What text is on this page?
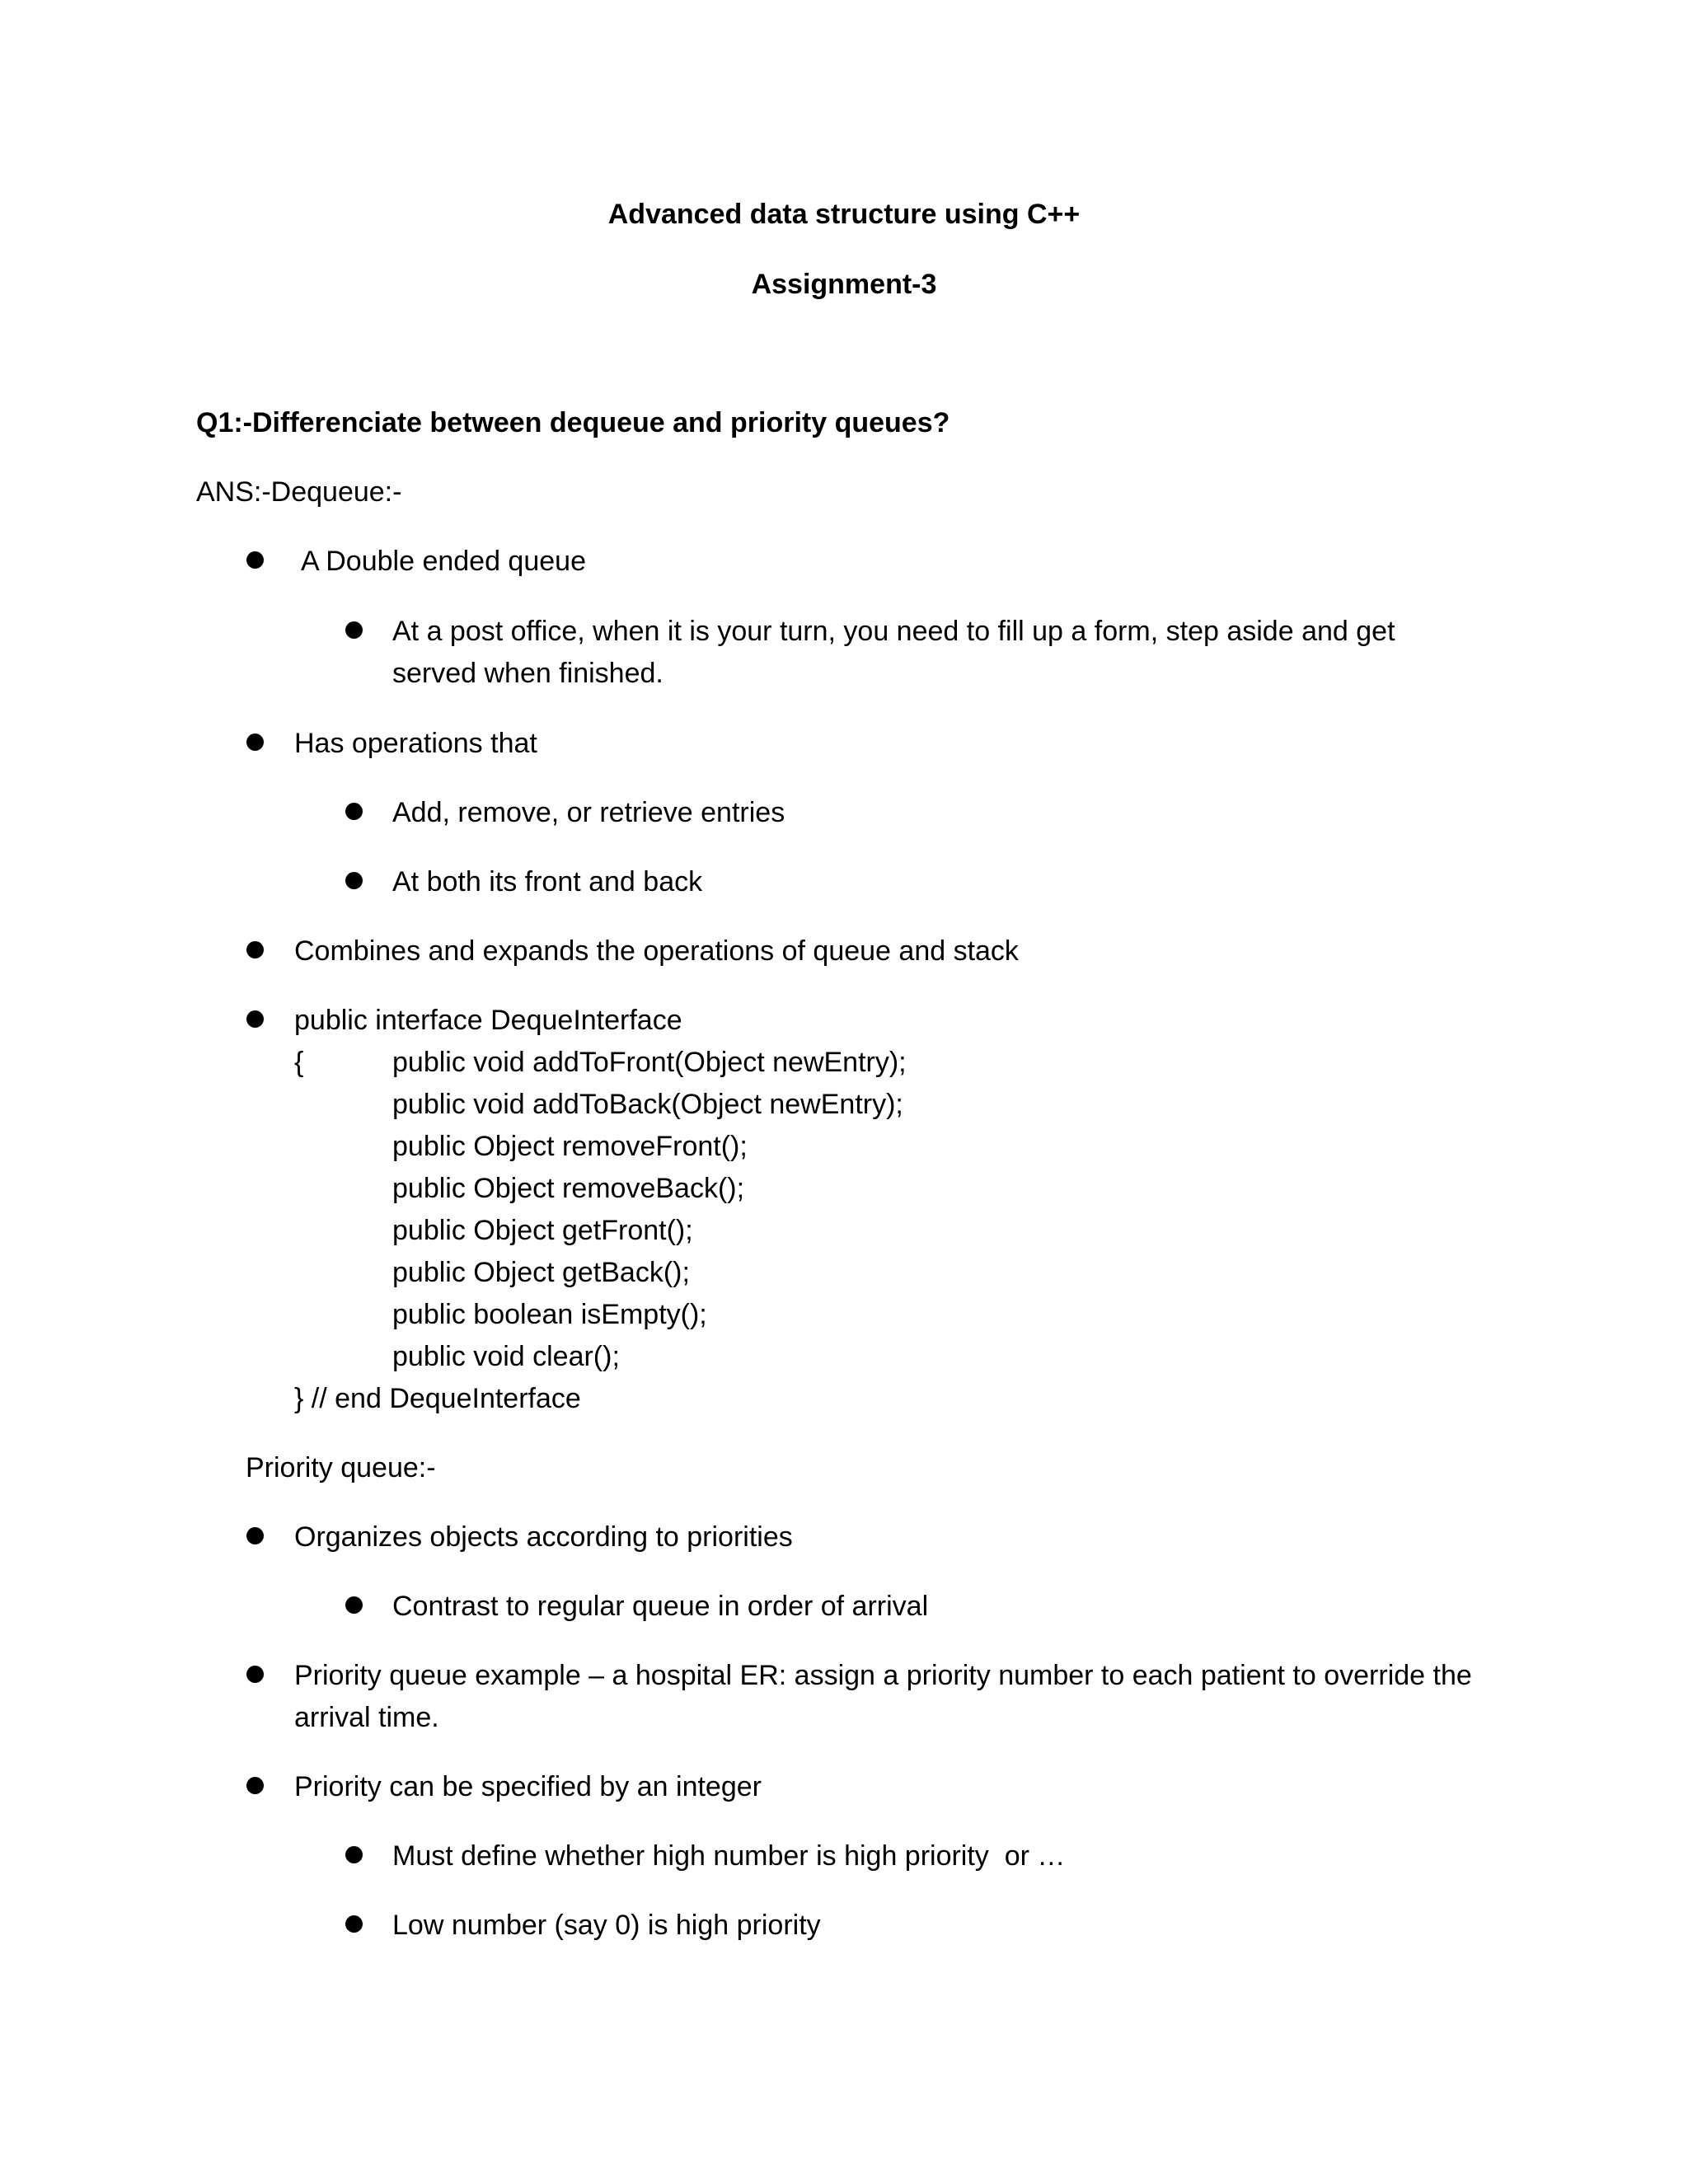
Advanced data structure using C++
Assignment-3
Q1:-Differenciate between dequeue and priority queues?
ANS:-Dequeue:-
A Double ended queue
At a post office, when it is your turn, you need to fill up a form, step aside and get
served when finished.
Has operations that
Add, remove, or retrieve entries
At both its front and back
Combines and expands the operations of queue and stack
public interface DequeInterface
{	public void addToFront(Object newEntry);
public void addToBack(Object newEntry);
public Object removeFront();
public Object removeBack();
public Object getFront();
public Object getBack();
public boolean isEmpty();
public void clear();
} // end DequeInterface
Priority queue:-
Organizes objects according to priorities
Contrast to regular queue in order of arrival
Priority queue example – a hospital ER: assign a priority number to each patient to override the
arrival time.
Priority can be specified by an integer
Must define whether high number is high priority  or …
Low number (say 0) is high priority
